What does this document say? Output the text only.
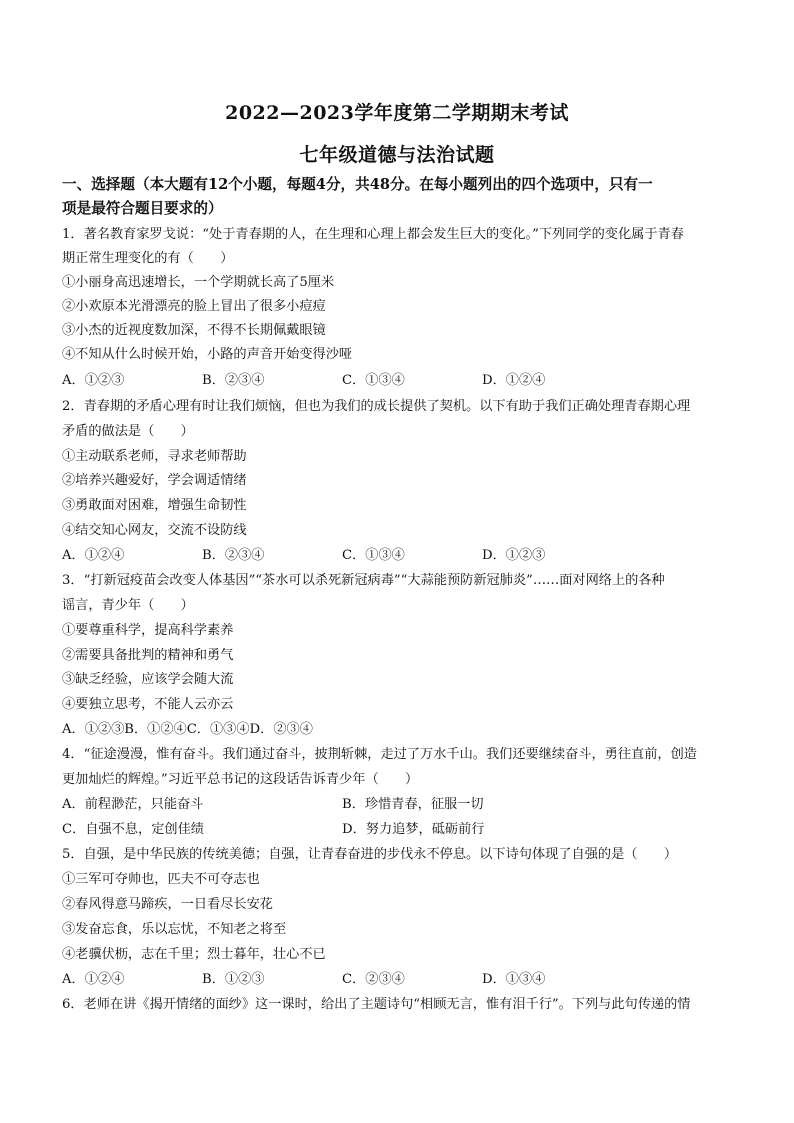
2022—2023学年度第二学期期末考试
七年级道德与法治试题
一、选择题（本大题有12个小题，每题4分，共48分。在每小题列出的四个选项中，只有一
项是最符合题目要求的）
1．著名教育家罗戈说：“处于青春期的人，在生理和心理上都会发生巨大的变化。”下列同学的变化属于青春
期正常生理变化的有（　　）
①小丽身高迅速增长，一个学期就长高了5厘米
②小欢原本光滑漂亮的脸上冒出了很多小痘痘
③小杰的近视度数加深，不得不长期佩戴眼镜
④不知从什么时候开始，小路的声音开始变得沙哑
A．①②③	B．②③④	C．①③④	D．①②④
2．青春期的矛盾心理有时让我们烦恼，但也为我们的成长提供了契机。以下有助于我们正确处理青春期心理
矛盾的做法是（　　）
①主动联系老师，寻求老师帮助
②培养兴趣爱好，学会调适情绪
③勇敢面对困难，增强生命韧性
④结交知心网友，交流不设防线
A．①②④	B．②③④	C．①③④	D．①②③
3．“打新冠疫苗会改变人体基因”“茶水可以杀死新冠病毒”“大蒜能预防新冠肺炎”……面对网络上的各种
谣言，青少年（　　）
①要尊重科学，提高科学素养
②需要具备批判的精神和勇气
③缺乏经验，应该学会随大流
④要独立思考，不能人云亦云
A．①②③B．①②④C．①③④D．②③④
4．“征途漫漫，惟有奋斗。我们通过奋斗，披荆斩棘，走过了万水千山。我们还要继续奋斗，勇往直前，创造
更加灿烂的辉煌。”习近平总书记的这段话告诉青少年（　　）
A．前程渺茫，只能奋斗	B．珍惜青春，征服一切
C．自强不息，定创佳绩	D．努力追梦，砥砺前行
5．自强，是中华民族的传统美德；自强，让青春奋进的步伐永不停息。以下诗句体现了自强的是（　　）
①三军可夺帅也，匹夫不可夺志也
②春风得意马蹄疾，一日看尽长安花
③发奋忘食，乐以忘忧，不知老之将至
④老骥伏枥，志在千里；烈士暮年，壮心不已
A．①②④	B．①②③	C．②③④	D．①③④
6．老师在讲《揭开情绪的面纱》这一课时，给出了主题诗句“相顾无言，惟有泪千行”。下列与此句传递的情
